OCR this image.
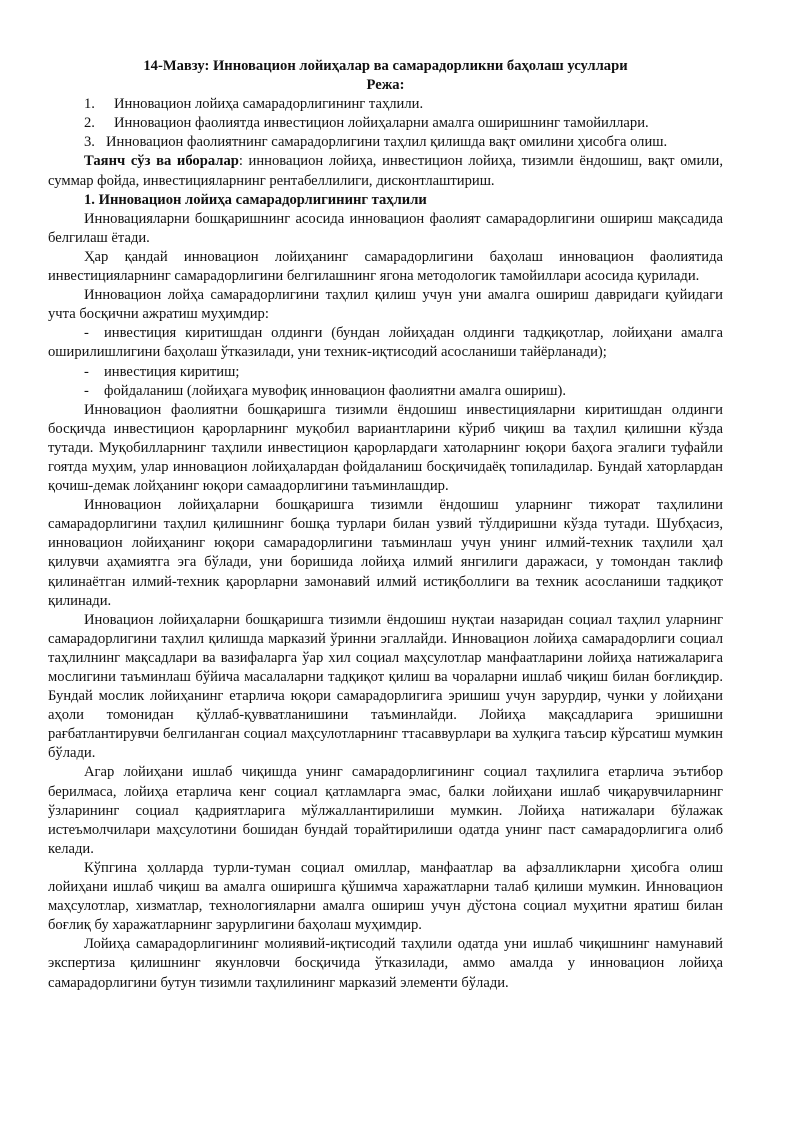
14-Мавзу: Инновацион лойиҳалар ва самарадорликни баҳолаш усуллари

Режа:

1.	Инновацион лойиҳа самарадорлигининг таҳлили.
2.	Инновацион фаолиятда инвестицион лойиҳаларни амалга оширишнинг тамойиллари.

3. Инновацион фаолиятнинг самарадорлигини таҳлил қилишда вақт омилини ҳисобга олиш.

Таянч сўз ва иборалар: инновацион лойиҳа, инвестицион лойиҳа, тизимли ёндошиш, вақт омили, суммар фойда, инвестицияларнинг рентабеллилиги, дисконтлаштириш.

1. Инновацион лойиҳа самарадорлигининг таҳлили

Инновацияларни бошқаришнинг асосида инновацион фаолият самарадорлигини ошириш мақсадида белгилаш ётади.

Ҳар қандай инновацион лойиҳанинг самарадорлигини баҳолаш инновацион фаолиятида инвестицияларнинг самарадорлигини белгилашнинг ягона методологик тамойиллари асосида қурилади.

Инновацион лойҳа самарадорлигини таҳлил қилиш учун уни амалга ошириш давридаги қуйидаги учта босқични ажратиш муҳимдир:

- инвестиция киритишдан олдинги (бундан лойиҳадан олдинги тадқиқотлар, лойиҳани амалга оширилишлигини баҳолаш ўтказилади, уни техник-иқтисодий асосланиши тайёрланади);

- инвестиция киритиш;

- фойдаланиш (лойиҳага мувофиқ инновацион фаолиятни амалга ошириш).

Инновацион фаолиятни бошқаришга тизимли ёндошиш инвестицияларни киритишдан олдинги босқичда инвестицион қарорларнинг муқобил вариантларини кўриб чиқиш ва таҳлил қилишни кўзда тутади. Муқобилларнинг таҳлили инвестицион қарорлардаги хатоларнинг юқори баҳога эгалиги туфайли гоятда муҳим, улар инновацион лойиҳалардан фойдаланиш босқичидаёқ топиладилар. Бундай хаторлардан қочиш-демак лойҳанинг юқори самаадорлигини таъминлашдир.

Инновацион лойиҳаларни бошқаришга тизимли ёндошиш уларнинг тижорат таҳлилини самарадорлигини таҳлил қилишнинг бошқа турлари билан узвий тўлдиришни кўзда тутади. Шубҳасиз, инновацион лойиҳанинг юқори самарадорлигини таъминлаш учун унинг илмий-техник таҳлили ҳал қилувчи аҳамиятга эга бўлади, уни боришида лойиҳа илмий янгилиги даражаси, у томондан таклиф қилинаётган илмий-техник қарорларни замонавий илмий истиқболлиги ва техник асосланиши тадқиқот қилинади.

Иновацион лойиҳаларни бошқаришга тизимли ёндошиш нуқтаи назаридан социал таҳлил уларнинг самарадорлигини таҳлил қилишда марказий ўринни эгаллайди. Инновацион лойиҳа самарадорлиги социал таҳлилнинг мақсадлари ва вазифаларга ўар хил социал маҳсулотлар манфаатларини лойиҳа натижаларига мослигини таъминлаш бўйича масалаларни тадқиқот қилиш ва чораларни ишлаб чиқиш билан боғлиқдир. Бундай мослик лойиҳанинг етарлича юқори самарадорлигига эришиш учун зарурдир, чунки у лойиҳани аҳоли томонидан қўллаб-қувватланишини таъминлайди. Лойиҳа мақсадларига эришишни рағбатлантирувчи белгиланган социал маҳсулотларнинг ттасаввурлари ва хулқига таъсир кўрсатиш мумкин бўлади.

Агар лойиҳани ишлаб чиқишда унинг самарадорлигининг социал таҳлилига етарлича эътибор берилмаса, лойиҳа етарлича кенг социал қатламларга эмас, балки лойиҳани ишлаб чиқарувчиларнинг ўзларининг социал қадриятларига мўлжаллантирилиши мумкин. Лойиҳа натижалари бўлажак истеъмолчилари маҳсулотини бошидан бундай торайтирилиши одатда унинг паст самарадорлигига олиб келади.

Кўпгина ҳолларда турли-туман социал омиллар, манфаатлар ва афзалликларни ҳисобга олиш лойиҳани ишлаб чиқиш ва амалга оширишга қўшимча харажатларни талаб қилиши мумкин. Инновацион маҳсулотлар, хизматлар, технологияларни амалга ошириш учун дўстона социал муҳитни яратиш билан боғлиқ бу харажатларнинг зарурлигини баҳолаш муҳимдир.

Лойиҳа самарадорлигининг молиявий-иқтисодий таҳлили одатда уни ишлаб чиқишнинг намунавий экспертиза қилишнинг якунловчи босқичида ўтказилади, аммо амалда у инновацион лойиҳа самарадорлигини бутун тизимли таҳлилининг марказий элементи бўлади.
